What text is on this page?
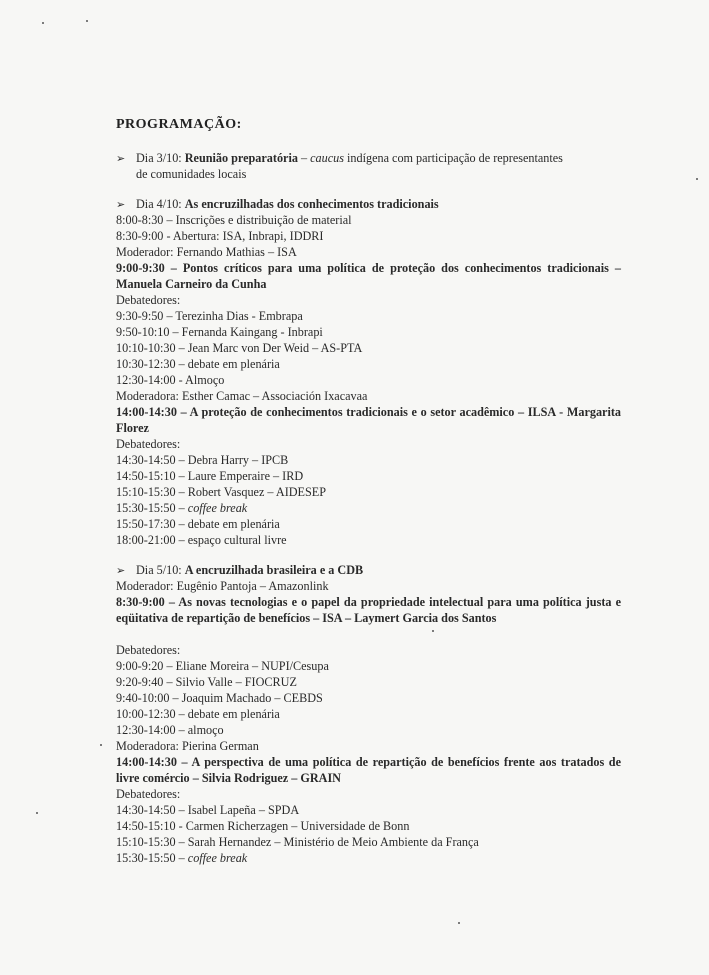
PROGRAMAÇÃO:
➢ Dia 3/10: Reunião preparatória – caucus indígena com participação de representantes
de comunidades locais
➢ Dia 4/10: As encruzilhadas dos conhecimentos tradicionais
8:00-8:30 – Inscrições e distribuição de material
8:30-9:00 - Abertura: ISA, Inbrapi, IDDRI
Moderador: Fernando Mathias – ISA
9:00-9:30 – Pontos críticos para uma política de proteção dos conhecimentos tradicionais – Manuela Carneiro da Cunha
Debatedores:
9:30-9:50 – Terezinha Dias - Embrapa
9:50-10:10 – Fernanda Kaingang - Inbrapi
10:10-10:30 – Jean Marc von Der Weid – AS-PTA
10:30-12:30 – debate em plenária
12:30-14:00 - Almoço
Moderadora: Esther Camac – Associación Ixacavaa
14:00-14:30 – A proteção de conhecimentos tradicionais e o setor acadêmico – ILSA - Margarita Florez
Debatedores:
14:30-14:50 – Debra Harry – IPCB
14:50-15:10 – Laure Emperaire – IRD
15:10-15:30 – Robert Vasquez – AIDESEP
15:30-15:50 – coffee break
15:50-17:30 – debate em plenária
18:00-21:00 – espaço cultural livre
➢ Dia 5/10: A encruzilhada brasileira e a CDB
Moderador: Eugênio Pantoja – Amazonlink
8:30-9:00 – As novas tecnologias e o papel da propriedade intelectual para uma política justa e eqüitativa de repartição de benefícios – ISA – Laymert Garcia dos Santos
Debatedores:
9:00-9:20 – Eliane Moreira – NUPI/Cesupa
9:20-9:40 – Silvio Valle – FIOCRUZ
9:40-10:00 – Joaquim Machado – CEBDS
10:00-12:30 – debate em plenária
12:30-14:00 – almoço
Moderadora: Pierina German
14:00-14:30 – A perspectiva de uma política de repartição de benefícios frente aos tratados de livre comércio – Silvia Rodriguez – GRAIN
Debatedores:
14:30-14:50 – Isabel Lapeña – SPDA
14:50-15:10 - Carmen Richerzagen – Universidade de Bonn
15:10-15:30 – Sarah Hernandez – Ministério de Meio Ambiente da França
15:30-15:50 – coffee break
